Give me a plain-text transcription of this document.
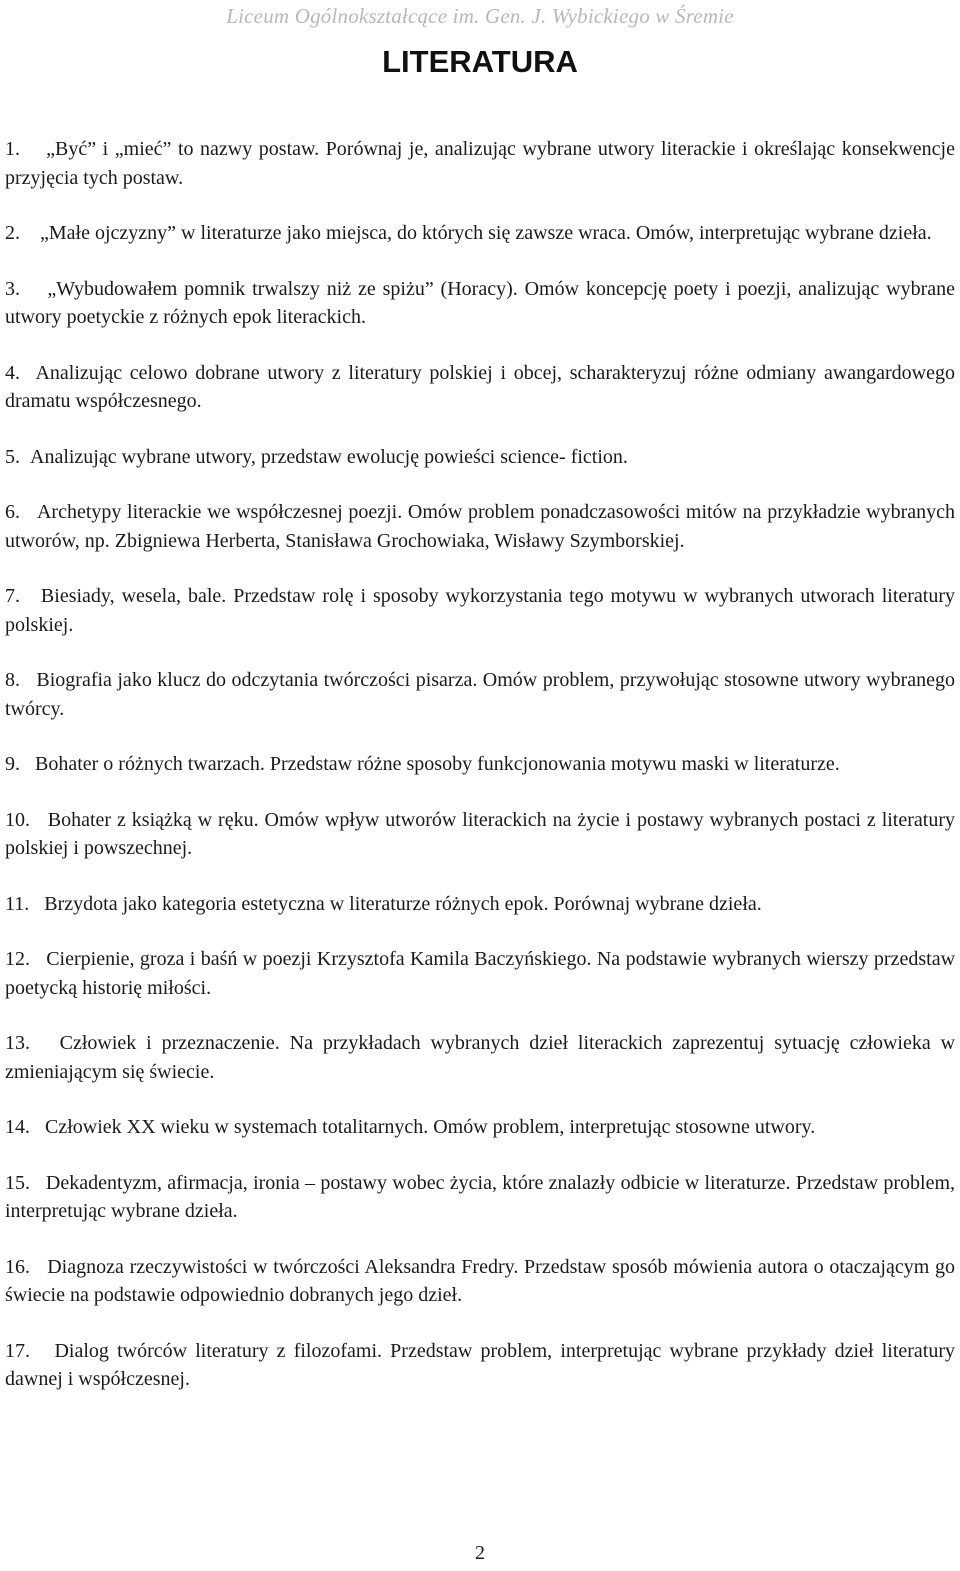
Liceum Ogólnokształcące im. Gen. J. Wybickiego w Śremie
LITERATURA

1. „Być” i „mieć” to nazwy postaw. Porównaj je, analizując wybrane utwory literackie i określając konsekwencje przyjęcia tych postaw.

2. „Małe ojczyzny” w literaturze jako miejsca, do których się zawsze wraca. Omów, interpretując wybrane dzieła.

3. „Wybudowałem pomnik trwalszy niż ze spiżu” (Horacy). Omów koncepcję poety i poezji, analizując wybrane utwory poetyckie z różnych epok literackich.

4. Analizując celowo dobrane utwory z literatury polskiej i obcej, scharakteryzuj różne odmiany awangardowego dramatu współczesnego.

5. Analizując wybrane utwory, przedstaw ewolucję powieści science- fiction.

6. Archetypy literackie we współczesnej poezji. Omów problem ponadczasowości mitów na przykładzie wybranych utworów, np. Zbigniewa Herberta, Stanisława Grochowiaka, Wisławy Szymborskiej.

7. Biesiady, wesela, bale. Przedstaw rolę i sposoby wykorzystania tego motywu w wybranych utworach literatury polskiej.

8. Biografia jako klucz do odczytania twórczości pisarza. Omów problem, przywołując stosowne utwory wybranego twórcy.

9. Bohater o różnych twarzach. Przedstaw różne sposoby funkcjonowania motywu maski w literaturze.

10. Bohater z książką w ręku. Omów wpływ utworów literackich na życie i postawy wybranych postaci z literatury polskiej i powszechnej.

11. Brzydota jako kategoria estetyczna w literaturze różnych epok. Porównaj wybrane dzieła.

12. Cierpienie, groza i baśń w poezji Krzysztofa Kamila Baczyńskiego. Na podstawie wybranych wierszy przedstaw poetycką historię miłości.

13. Człowiek i przeznaczenie. Na przykładach wybranych dzieł literackich zaprezentuj sytuację człowieka w zmieniającym się świecie.

14. Człowiek XX wieku w systemach totalitarnych. Omów problem, interpretując stosowne utwory.

15. Dekadentyzm, afirmacja, ironia – postawy wobec życia, które znalazły odbicie w literaturze. Przedstaw problem, interpretując wybrane dzieła.

16. Diagnoza rzeczywistości w twórczości Aleksandra Fredry. Przedstaw sposób mówienia autora o otaczającym go świecie na podstawie odpowiednio dobranych jego dzieł.

17. Dialog twórców literatury z filozofami. Przedstaw problem, interpretując wybrane przykłady dzieł literatury dawnej i współczesnej.

2
